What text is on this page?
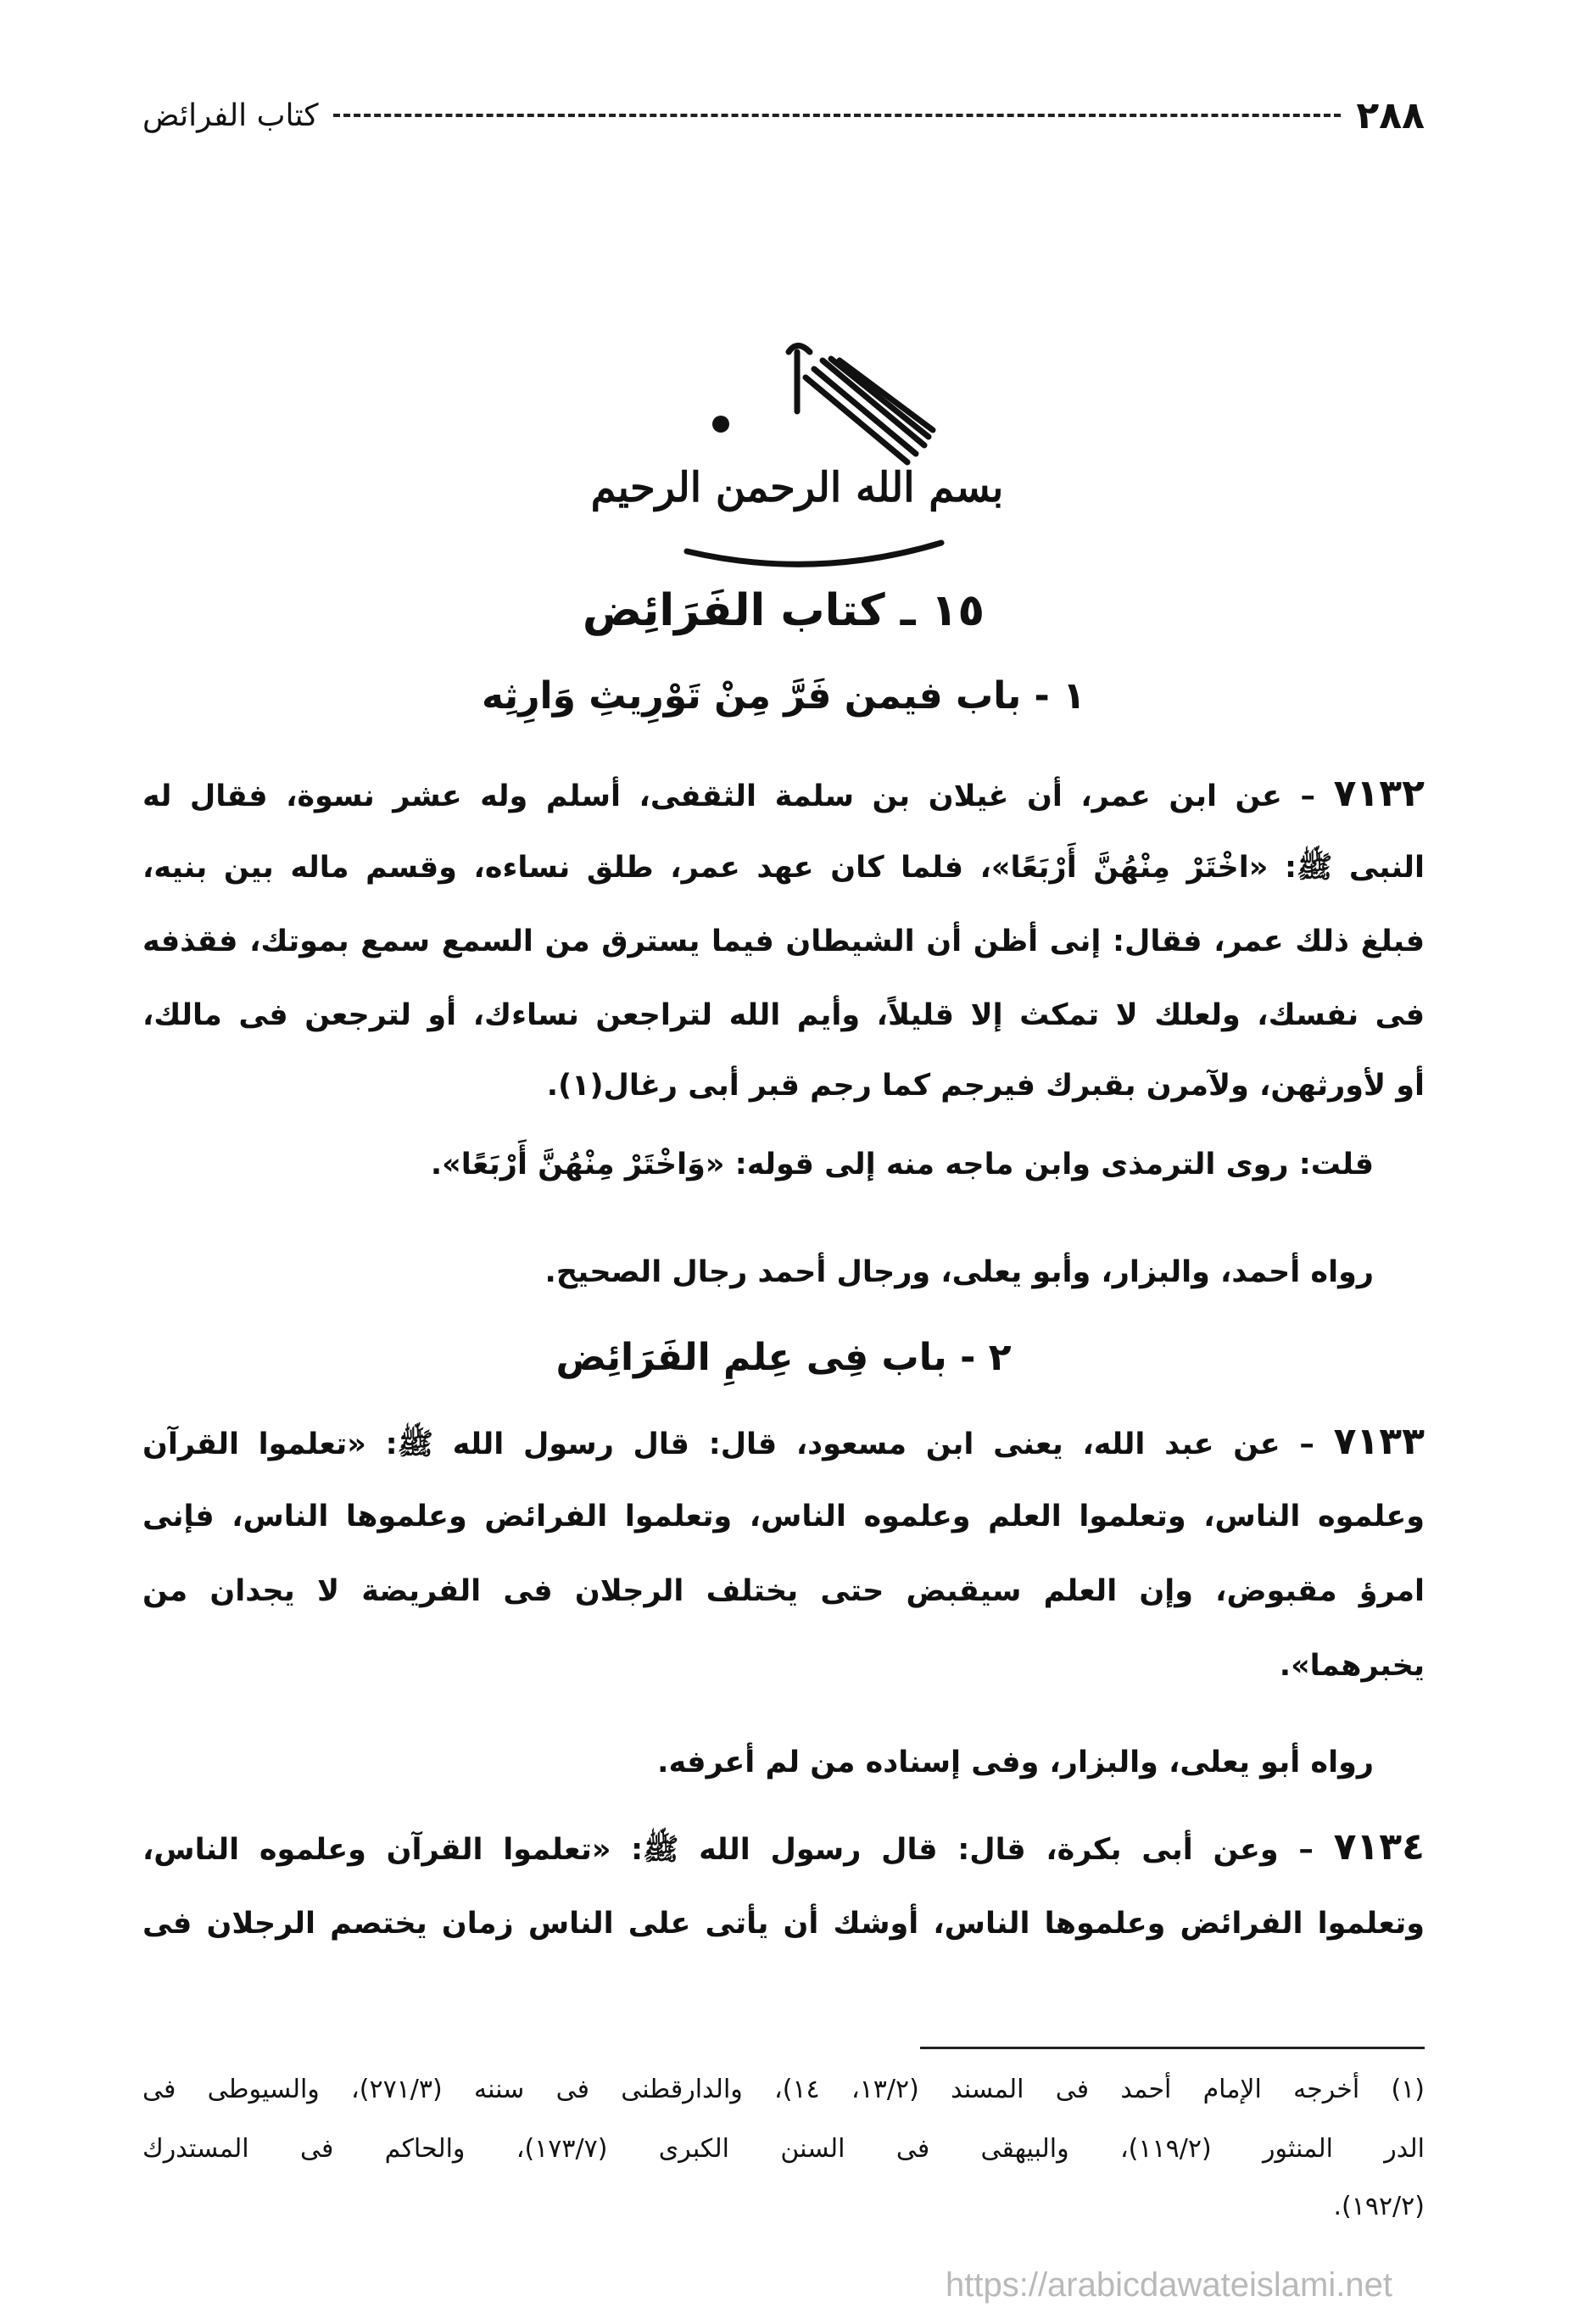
٢٨٨
كتاب الفرائض
بسم الله الرحمن الرحيم
١٥ ـ كتاب الفَرَائِض
١ - باب فيمن فَرَّ مِنْ تَوْرِيثِ وَارِثِه
٧١٣٢ – عن ابن عمر، أن غيلان بن سلمة الثقفى، أسلم وله عشر نسوة، فقال له
النبى ﷺ: «اخْتَرْ مِنْهُنَّ أَرْبَعًا»، فلما كان عهد عمر، طلق نساءه، وقسم ماله بين بنيه،
فبلغ ذلك عمر، فقال: إنى أظن أن الشيطان فيما يسترق من السمع سمع بموتك، فقذفه
فى نفسك، ولعلك لا تمكث إلا قليلاً، وأيم الله لتراجعن نساءك، أو لترجعن فى مالك،
أو لأورثهن، ولآمرن بقبرك فيرجم كما رجم قبر أبى رغال(١).
قلت: روى الترمذى وابن ماجه منه إلى قوله: «وَاخْتَرْ مِنْهُنَّ أَرْبَعًا».
رواه أحمد، والبزار، وأبو يعلى، ورجال أحمد رجال الصحيح.
٢ - باب فِى عِلمِ الفَرَائِض
٧١٣٣ – عن عبد الله، يعنى ابن مسعود، قال: قال رسول الله ﷺ: «تعلموا القرآن
وعلموه الناس، وتعلموا العلم وعلموه الناس، وتعلموا الفرائض وعلموها الناس، فإنى
امرؤ مقبوض، وإن العلم سيقبض حتى يختلف الرجلان فى الفريضة لا يجدان من
يخبرهما».
رواه أبو يعلى، والبزار، وفى إسناده من لم أعرفه.
٧١٣٤ – وعن أبى بكرة، قال: قال رسول الله ﷺ: «تعلموا القرآن وعلموه الناس،
وتعلموا الفرائض وعلموها الناس، أوشك أن يأتى على الناس زمان يختصم الرجلان فى
(١) أخرجه الإمام أحمد فى المسند (١٣/٢، ١٤)، والدارقطنى فى سننه (٢٧١/٣)، والسيوطى فى
الدر المنثور (١١٩/٢)، والبيهقى فى السنن الكبرى (١٧٣/٧)، والحاكم فى المستدرك
(١٩٢/٢).
https://arabicdawateislami.net
